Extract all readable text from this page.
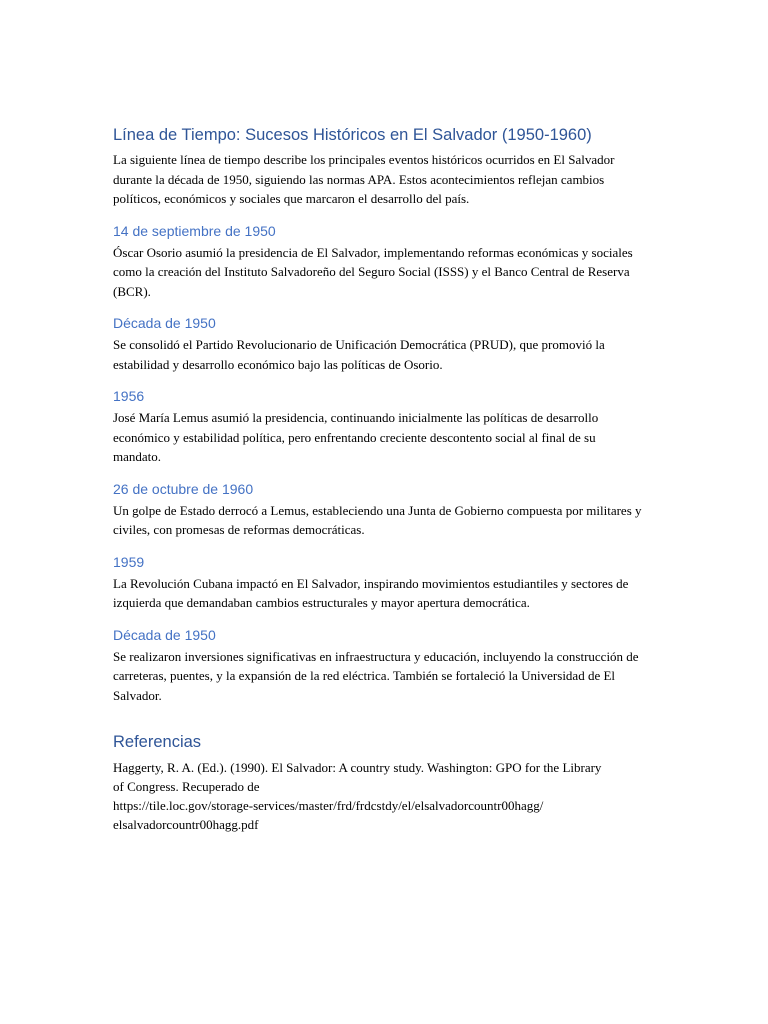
Línea de Tiempo: Sucesos Históricos en El Salvador (1950-1960)

La siguiente línea de tiempo describe los principales eventos históricos ocurridos en El Salvador durante la década de 1950, siguiendo las normas APA. Estos acontecimientos reflejan cambios políticos, económicos y sociales que marcaron el desarrollo del país.

14 de septiembre de 1950

Óscar Osorio asumió la presidencia de El Salvador, implementando reformas económicas y sociales como la creación del Instituto Salvadoreño del Seguro Social (ISSS) y el Banco Central de Reserva (BCR).

Década de 1950

Se consolidó el Partido Revolucionario de Unificación Democrática (PRUD), que promovió la estabilidad y desarrollo económico bajo las políticas de Osorio.

1956

José María Lemus asumió la presidencia, continuando inicialmente las políticas de desarrollo económico y estabilidad política, pero enfrentando creciente descontento social al final de su mandato.

26 de octubre de 1960

Un golpe de Estado derrocó a Lemus, estableciendo una Junta de Gobierno compuesta por militares y civiles, con promesas de reformas democráticas.

1959

La Revolución Cubana impactó en El Salvador, inspirando movimientos estudiantiles y sectores de izquierda que demandaban cambios estructurales y mayor apertura democrática.

Década de 1950

Se realizaron inversiones significativas en infraestructura y educación, incluyendo la construcción de carreteras, puentes, y la expansión de la red eléctrica. También se fortaleció la Universidad de El Salvador.

Referencias

Haggerty, R. A. (Ed.). (1990). El Salvador: A country study. Washington: GPO for the Library
of Congress. Recuperado de
https://tile.loc.gov/storage-services/master/frd/frdcstdy/el/elsalvadorcountr00hagg/
elsalvadorcountr00hagg.pdf
